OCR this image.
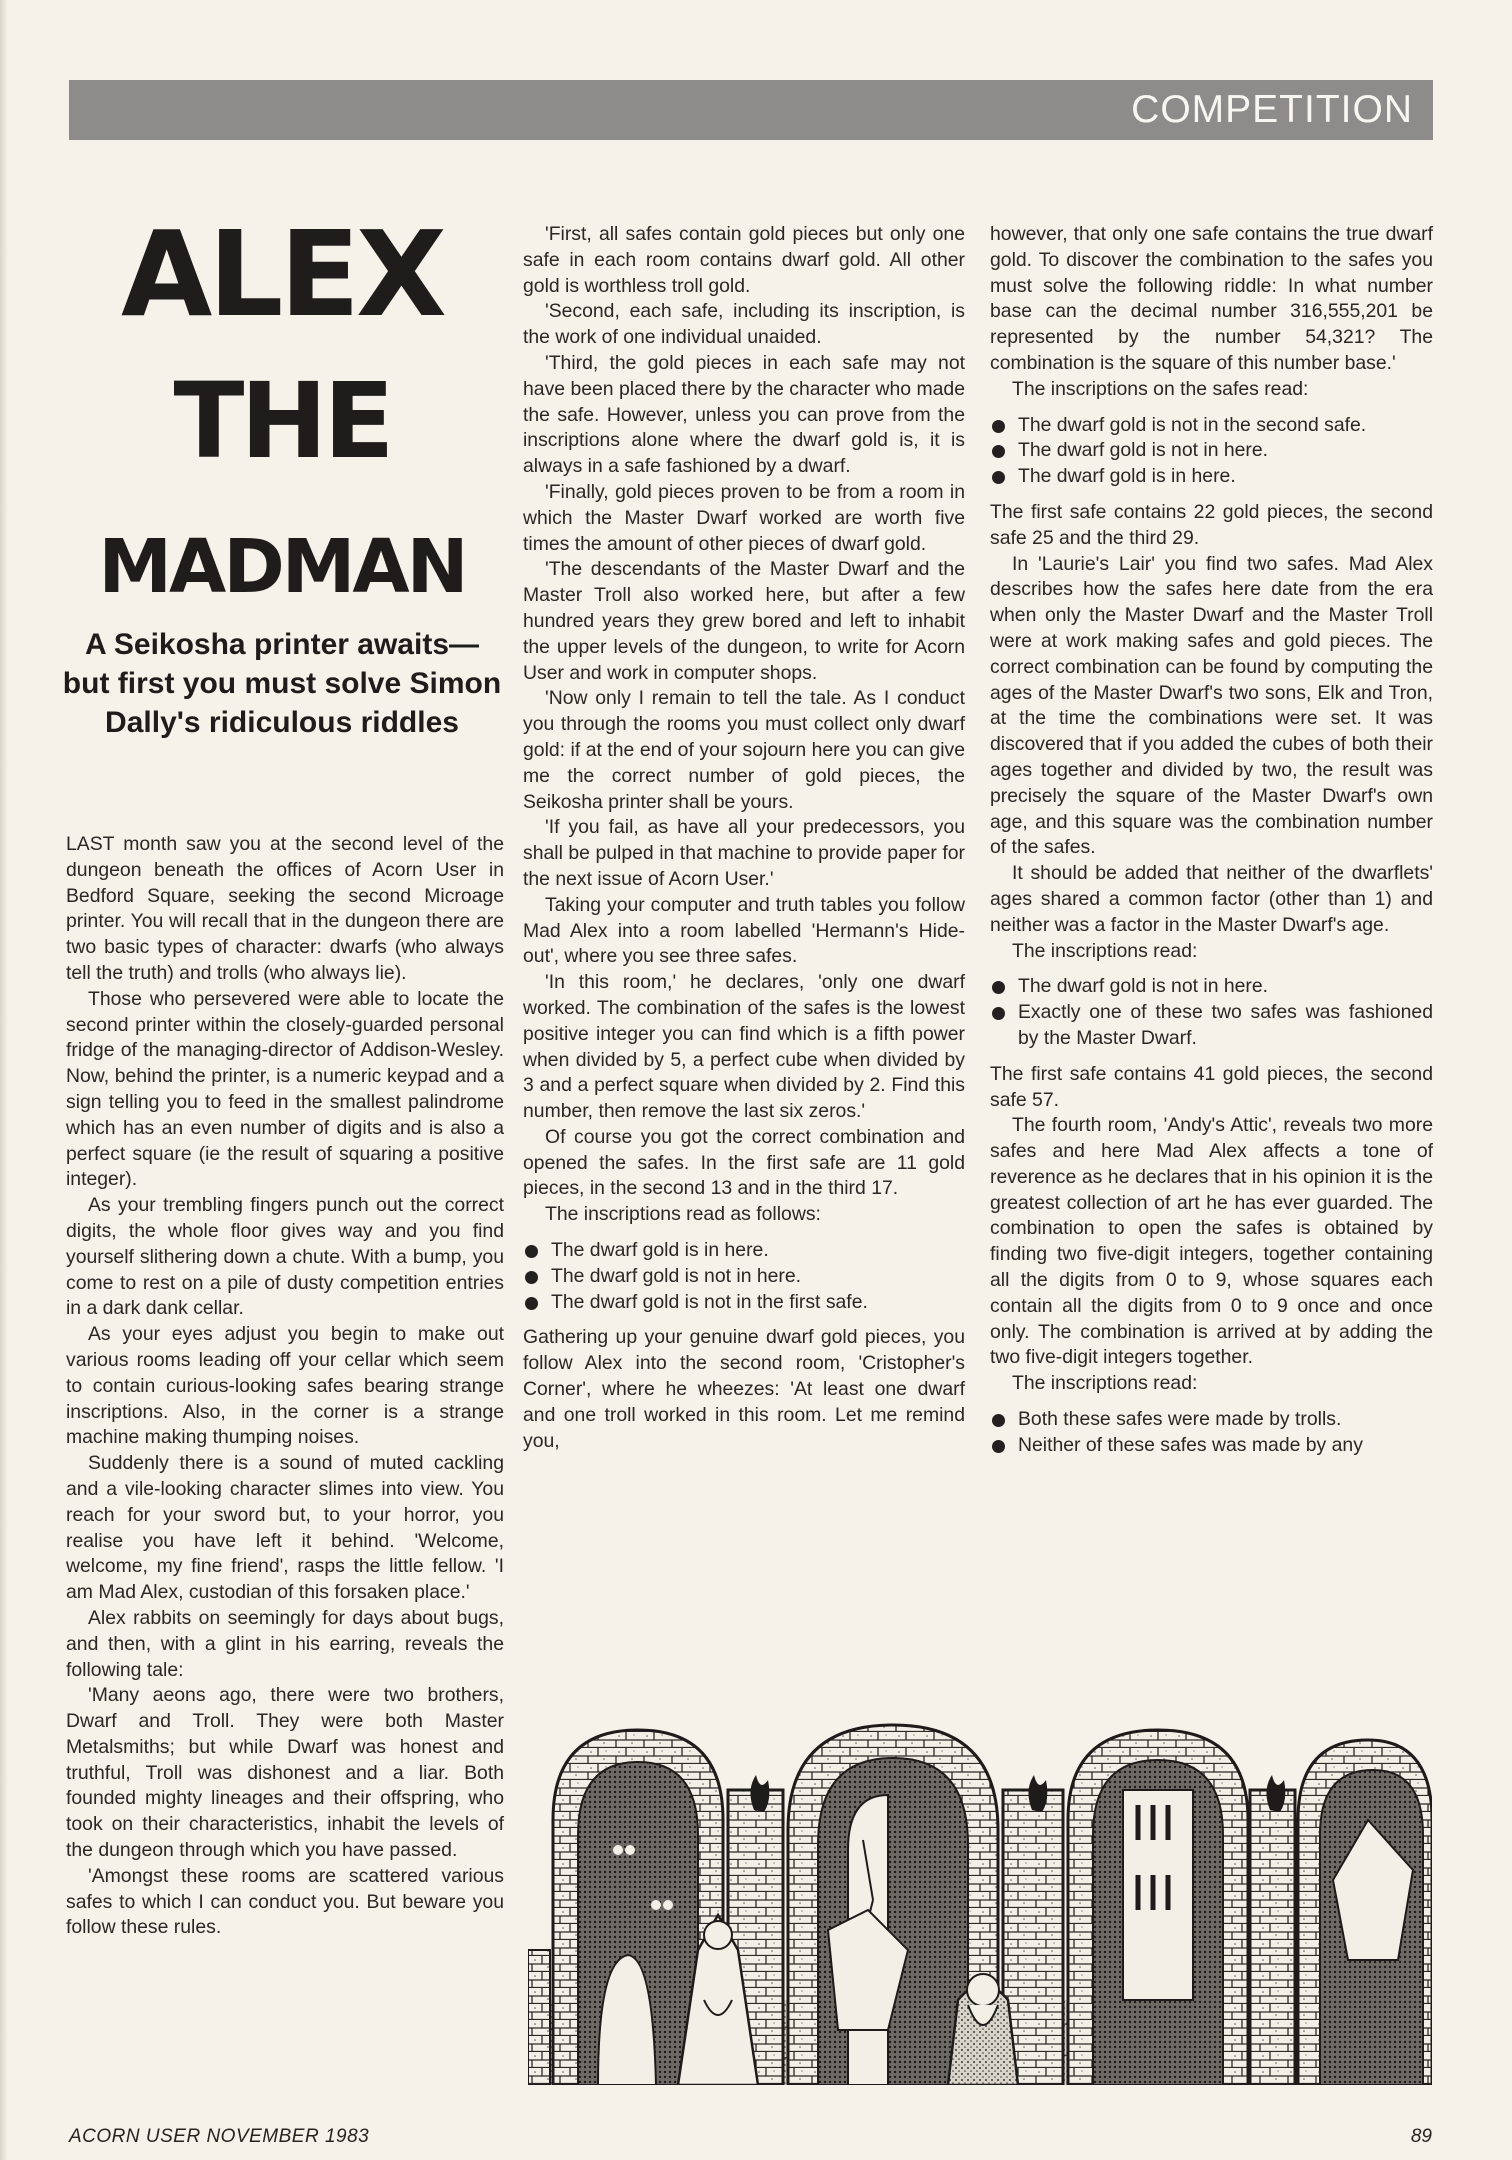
COMPETITION
ALEX
THE
MADMAN
A Seikosha printer awaits—but first you must solve Simon Dally's ridiculous riddles

LAST month saw you at the second level of the dungeon beneath the offices of Acorn User in Bedford Square, seeking the second Microage printer. You will recall that in the dungeon there are two basic types of character: dwarfs (who always tell the truth) and trolls (who always lie).

Those who persevered were able to locate the second printer within the closely-guarded personal fridge of the managing-director of Addison-Wesley. Now, behind the printer, is a numeric keypad and a sign telling you to feed in the smallest palindrome which has an even number of digits and is also a perfect square (ie the result of squaring a positive integer).

As your trembling fingers punch out the correct digits, the whole floor gives way and you find yourself slithering down a chute. With a bump, you come to rest on a pile of dusty competition entries in a dark dank cellar.

As your eyes adjust you begin to make out various rooms leading off your cellar which seem to contain curious-looking safes bearing strange inscriptions. Also, in the corner is a strange machine making thumping noises.

Suddenly there is a sound of muted cackling and a vile-looking character slimes into view. You reach for your sword but, to your horror, you realise you have left it behind. 'Welcome, welcome, my fine friend', rasps the little fellow. 'I am Mad Alex, custodian of this forsaken place.'

Alex rabbits on seemingly for days about bugs, and then, with a glint in his earring, reveals the following tale:

'Many aeons ago, there were two brothers, Dwarf and Troll. They were both Master Metalsmiths; but while Dwarf was honest and truthful, Troll was dishonest and a liar. Both founded mighty lineages and their offspring, who took on their characteristics, inhabit the levels of the dungeon through which you have passed.

'Amongst these rooms are scattered various safes to which I can conduct you. But beware you follow these rules.

'First, all safes contain gold pieces but only one safe in each room contains dwarf gold. All other gold is worthless troll gold.

'Second, each safe, including its inscription, is the work of one individual unaided.

'Third, the gold pieces in each safe may not have been placed there by the character who made the safe. However, unless you can prove from the inscriptions alone where the dwarf gold is, it is always in a safe fashioned by a dwarf.

'Finally, gold pieces proven to be from a room in which the Master Dwarf worked are worth five times the amount of other pieces of dwarf gold.

'The descendants of the Master Dwarf and the Master Troll also worked here, but after a few hundred years they grew bored and left to inhabit the upper levels of the dungeon, to write for Acorn User and work in computer shops.

'Now only I remain to tell the tale. As I conduct you through the rooms you must collect only dwarf gold: if at the end of your sojourn here you can give me the correct number of gold pieces, the Seikosha printer shall be yours.

'If you fail, as have all your predecessors, you shall be pulped in that machine to provide paper for the next issue of Acorn User.'

Taking your computer and truth tables you follow Mad Alex into a room labelled 'Hermann's Hide-out', where you see three safes.

'In this room,' he declares, 'only one dwarf worked. The combination of the safes is the lowest positive integer you can find which is a fifth power when divided by 5, a perfect cube when divided by 3 and a perfect square when divided by 2. Find this number, then remove the last six zeros.'

Of course you got the correct combination and opened the safes. In the first safe are 11 gold pieces, in the second 13 and in the third 17.

The inscriptions read as follows:

The dwarf gold is in here.
The dwarf gold is not in here.
The dwarf gold is not in the first safe.

Gathering up your genuine dwarf gold pieces, you follow Alex into the second room, 'Cristopher's Corner', where he wheezes: 'At least one dwarf and one troll worked in this room. Let me remind you,

however, that only one safe contains the true dwarf gold. To discover the combination to the safes you must solve the following riddle: In what number base can the decimal number 316,555,201 be represented by the number 54,321? The combination is the square of this number base.'

The inscriptions on the safes read:

The dwarf gold is not in the second safe.
The dwarf gold is not in here.
The dwarf gold is in here.

The first safe contains 22 gold pieces, the second safe 25 and the third 29.

In 'Laurie's Lair' you find two safes. Mad Alex describes how the safes here date from the era when only the Master Dwarf and the Master Troll were at work making safes and gold pieces. The correct combination can be found by computing the ages of the Master Dwarf's two sons, Elk and Tron, at the time the combinations were set. It was discovered that if you added the cubes of both their ages together and divided by two, the result was precisely the square of the Master Dwarf's own age, and this square was the combination number of the safes.

It should be added that neither of the dwarflets' ages shared a common factor (other than 1) and neither was a factor in the Master Dwarf's age.

The inscriptions read:

The dwarf gold is not in here.
Exactly one of these two safes was fashioned by the Master Dwarf.

The first safe contains 41 gold pieces, the second safe 57.

The fourth room, 'Andy's Attic', reveals two more safes and here Mad Alex affects a tone of reverence as he declares that in his opinion it is the greatest collection of art he has ever guarded. The combination to open the safes is obtained by finding two five-digit integers, together containing all the digits from 0 to 9, whose squares each contain all the digits from 0 to 9 once and once only. The combination is arrived at by adding the two five-digit integers together.

The inscriptions read:

Both these safes were made by trolls.
Neither of these safes was made by any
ACORN USER NOVEMBER 1983	89
